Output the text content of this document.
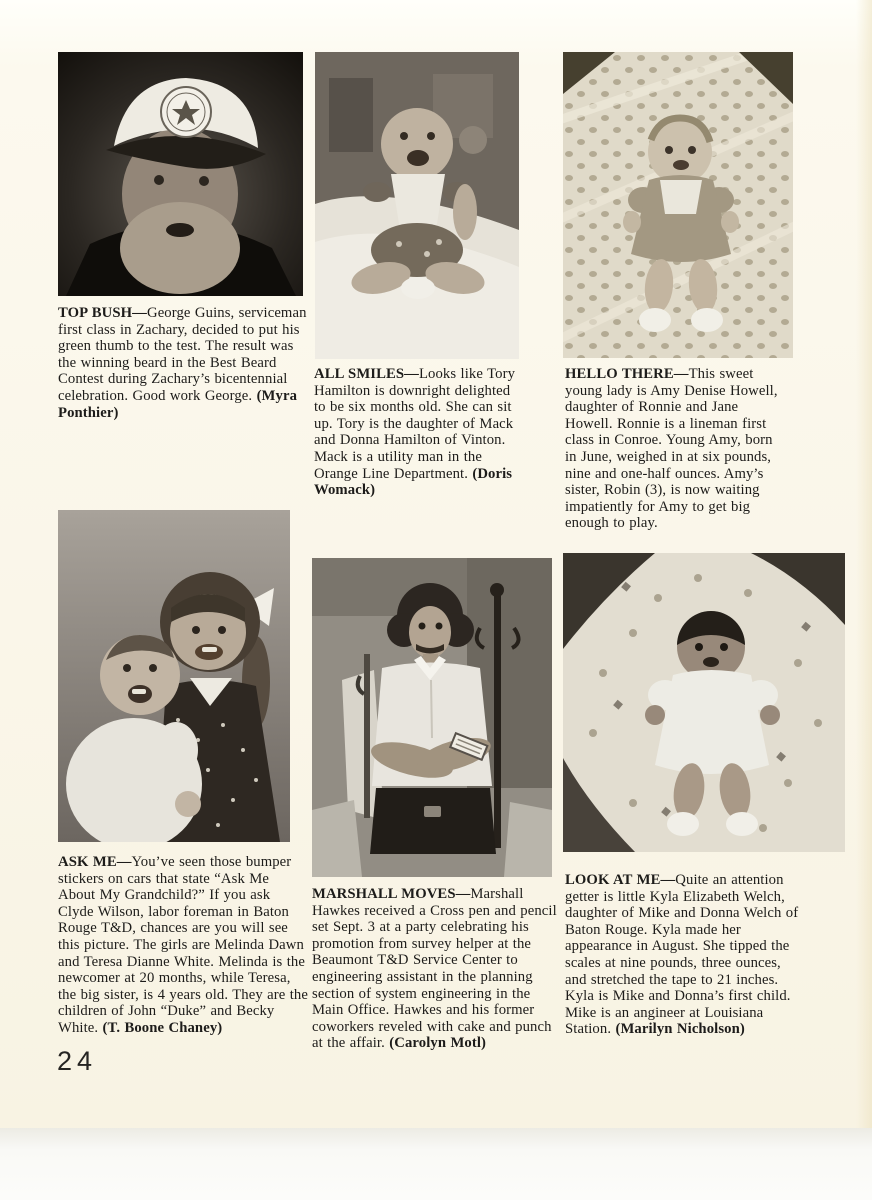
TOP BUSH—George Guins, serviceman first class in Zachary, decided to put his green thumb to the test. The result was the winning beard in the Best Beard Contest during Zachary’s bicentennial celebration. Good work George. (Myra Ponthier)

ALL SMILES—Looks like Tory Hamilton is downright delighted to be six months old. She can sit up. Tory is the daughter of Mack and Donna Hamilton of Vinton. Mack is a utility man in the Orange Line Department. (Doris Womack)

HELLO THERE—This sweet young lady is Amy Denise Howell, daughter of Ronnie and Jane Howell. Ronnie is a lineman first class in Conroe. Young Amy, born in June, weighed in at six pounds, nine and one-half ounces. Amy’s sister, Robin (3), is now waiting impatiently for Amy to get big enough to play.

ASK ME—You’ve seen those bumper stickers on cars that state “Ask Me About My Grandchild?” If you ask Clyde Wilson, labor foreman in Baton Rouge T&D, chances are you will see this picture. The girls are Melinda Dawn and Teresa Dianne White. Melinda is the newcomer at 20 months, while Teresa, the big sister, is 4 years old. They are the children of John “Duke” and Becky White. (T. Boone Chaney)

MARSHALL MOVES—Marshall Hawkes received a Cross pen and pencil set Sept. 3 at a party celebrating his promotion from survey helper at the Beaumont T&D Service Center to engineering assistant in the planning section of system engineering in the Main Office. Hawkes and his former coworkers reveled with cake and punch at the affair. (Carolyn Motl)

LOOK AT ME—Quite an attention getter is little Kyla Elizabeth Welch, daughter of Mike and Donna Welch of Baton Rouge. Kyla made her appearance in August. She tipped the scales at nine pounds, three ounces, and stretched the tape to 21 inches. Kyla is Mike and Donna’s first child. Mike is an angineer at Louisiana Station. (Marilyn Nicholson)

24
